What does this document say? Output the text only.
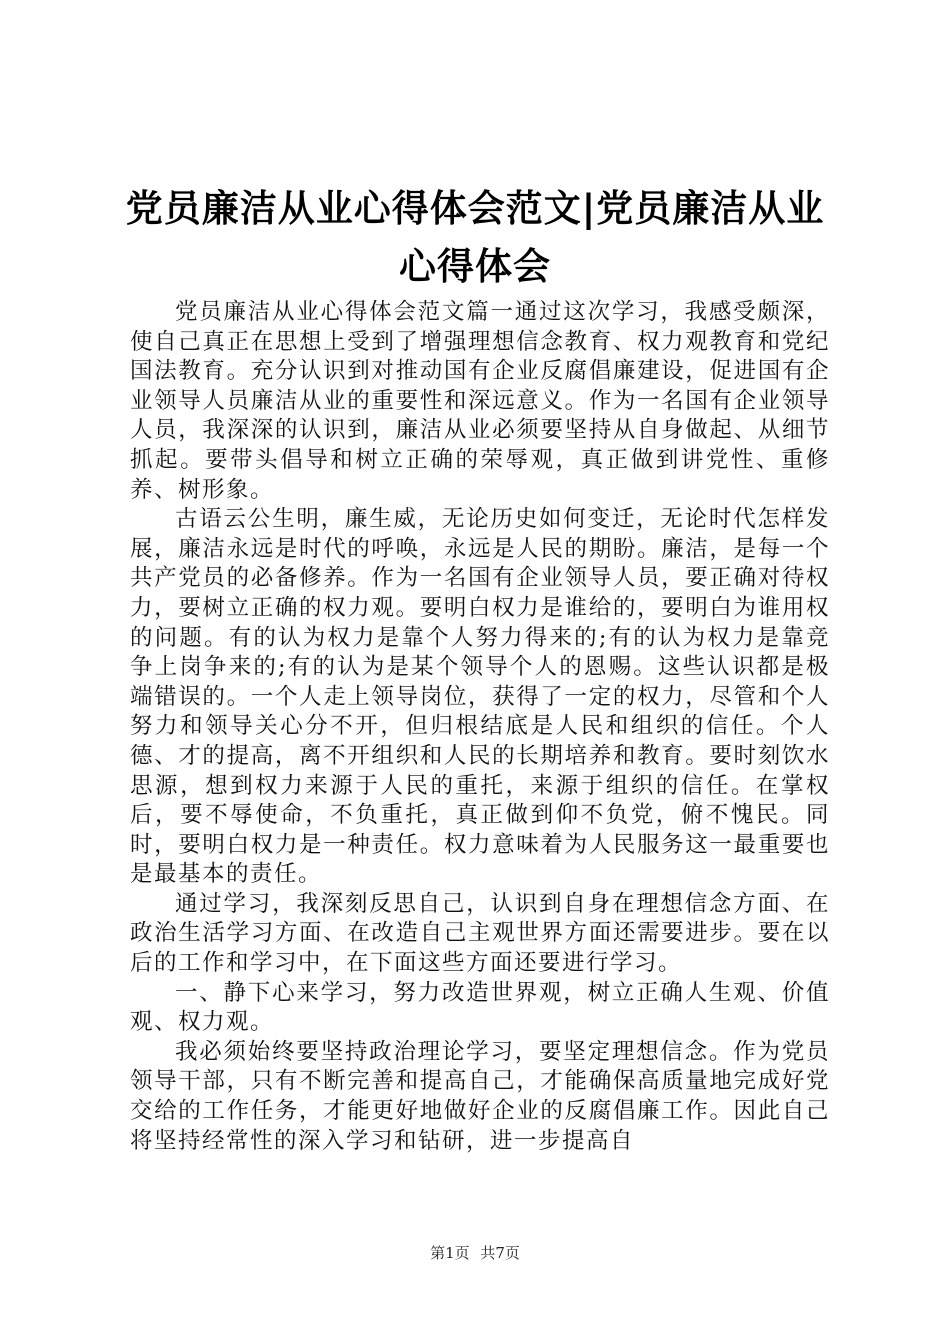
党员廉洁从业心得体会范文|党员廉洁从业心得体会

党员廉洁从业心得体会范文篇一通过这次学习，我感受颇深，使自己真正在思想上受到了增强理想信念教育、权力观教育和党纪国法教育。充分认识到对推动国有企业反腐倡廉建设，促进国有企业领导人员廉洁从业的重要性和深远意义。作为一名国有企业领导人员，我深深的认识到，廉洁从业必须要坚持从自身做起、从细节抓起。要带头倡导和树立正确的荣辱观，真正做到讲党性、重修养、树形象。

古语云公生明，廉生威，无论历史如何变迁，无论时代怎样发展，廉洁永远是时代的呼唤，永远是人民的期盼。廉洁，是每一个共产党员的必备修养。作为一名国有企业领导人员，要正确对待权力，要树立正确的权力观。要明白权力是谁给的，要明白为谁用权的问题。有的认为权力是靠个人努力得来的;有的认为权力是靠竞争上岗争来的;有的认为是某个领导个人的恩赐。这些认识都是极端错误的。一个人走上领导岗位，获得了一定的权力，尽管和个人努力和领导关心分不开，但归根结底是人民和组织的信任。个人德、才的提高，离不开组织和人民的长期培养和教育。要时刻饮水思源，想到权力来源于人民的重托，来源于组织的信任。在掌权后，要不辱使命，不负重托，真正做到仰不负党，俯不愧民。同时，要明白权力是一种责任。权力意味着为人民服务这一最重要也是最基本的责任。

通过学习，我深刻反思自己，认识到自身在理想信念方面、在政治生活学习方面、在改造自己主观世界方面还需要进步。要在以后的工作和学习中，在下面这些方面还要进行学习。

一、静下心来学习，努力改造世界观，树立正确人生观、价值观、权力观。

我必须始终要坚持政治理论学习，要坚定理想信念。作为党员领导干部，只有不断完善和提高自己，才能确保高质量地完成好党交给的工作任务，才能更好地做好企业的反腐倡廉工作。因此自己将坚持经常性的深入学习和钻研，进一步提高自

第1页 共7页
